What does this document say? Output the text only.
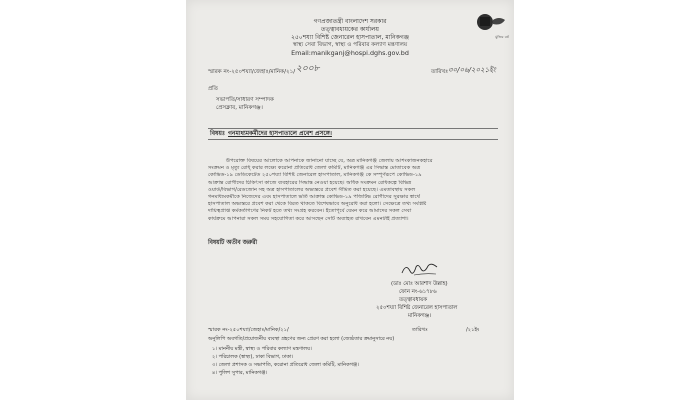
মুজিব বর্ষ
গণপ্রজাতন্ত্রী বাংলাদেশ সরকার
তত্ত্বাবধায়কের কার্যালয়
২৫০শয্যা বিশিষ্ট জেনারেল হাসপাতাল, মানিকগঞ্জ
স্বাস্থ্য সেবা বিভাগ, স্বাস্থ্য ও পরিবার কল্যাণ মন্ত্রণালয়
Email:manikganj@hospi.dghs.gov.bd
স্মারক নং-২৫০শয্যা/জেহাঃ/মানিক/২১/ ২০০৮	তারিখঃ ৩০/০৬/২০২১ইং
প্রতি
সভাপতি/সাধারণ সম্পাদক
প্রেসক্লাব, মানিকগঞ্জ।
বিষয়ঃ গনমাধ্যমকর্মীদের হাসপাতালে প্রবেশ প্রসঙ্গে।
উপরোক্ত বিষয়ের আলোকে আপনাকে জানানো যাচ্ছে যে, অত্র মানিকগঞ্জ জেলায় আশংকাজনকহারে
সংক্রমন ও মৃত্যু রোধ্ করার লক্ষ্যে করোনা প্রতিরোধ জেলা কমিটি, মানিকগঞ্জ এর সিদ্ধান্ত মোতাবেক অত্র
কোভিড-১৯ ডেডিকেটেড ২৫০শয্যা বিশিষ্ট জেনারেল হাসপাতাল, মানিকগঞ্জ কে সম্পূর্ণরূপে কোভিড-১৯
আক্রান্ত রোগীদের চিকিৎসা কাজে ব্যবহারের সিদ্ধান্ত নেওয়া হয়েছে। অধিক সংক্রমন রোধকল্পে বিভিন্ন
ওয়ার্ড/বিভাগ/রেডজোন সহ অত্র হাসপাতালের অভ্যন্তরে প্রবেশ সীমিত করা হয়েছে। এমতাবস্থায় সকল
গনমাধ্যমকর্মীকে নিজেদের এবং হাসপাতালে ভর্তি আক্রান্ত কোভিড-১৯ পজিটিভ রোগীদের সুরক্ষার স্বার্থে
হাসপাতাল অভ্যন্তরে প্রবেশ করা থেকে বিরত থাকতে বিশেষভাবে অনুরোধ করা হলো। সেক্ষেত্রে তথ্য সংশ্লিষ্ট
দায়িত্বপ্রাপ্ত কর্মকর্তাগণের নিকট হতে তথ্য সংগ্রহ করবেন। ইতোপূর্বে যেমন করে আমাদের সকল সেবা
কার্যক্রমে আপনারা সকল সময় সহযোগিতা করে আসছেন সেটি অব্যাহত রাখবেন এমনটাই প্রত্যাশা।
বিষয়টি অতীব জরুরী
(ডাঃ মোঃ আরশাদ উল্লাহ)
ফোন নং-৬১৭৮৬
তত্ত্বাবধায়ক
২৫০শয্যা বিশিষ্ট জেনারেল হাসপাতাল
মানিকগঞ্জ।
স্মারক নং-২৫০শয্যা/জেহাঃ/মানিক/২১/	তারিখঃ	/২১ইং
অনুলিপি অবগতি/প্রয়োজনীয় ব্যবস্থা গ্রহণের জন্য প্রেরণ করা হলো (জ্যেষ্ঠতার ক্রমানুসারে নয়)
১। মাননীয় মন্ত্রী, স্বাস্থ্য ও পরিবার কল্যাণ মন্ত্রণালয়।
২। পরিচালক (স্বাস্থ্য), ঢাকা বিভাগ, ঢাকা।
৩। জেলা প্রশাসক ও সভাপতি, করোনা প্রতিরোধ জেলা কমিটি, মানিকগঞ্জ।
৪। পুলিশ সুপার, মানিকগঞ্জ।
